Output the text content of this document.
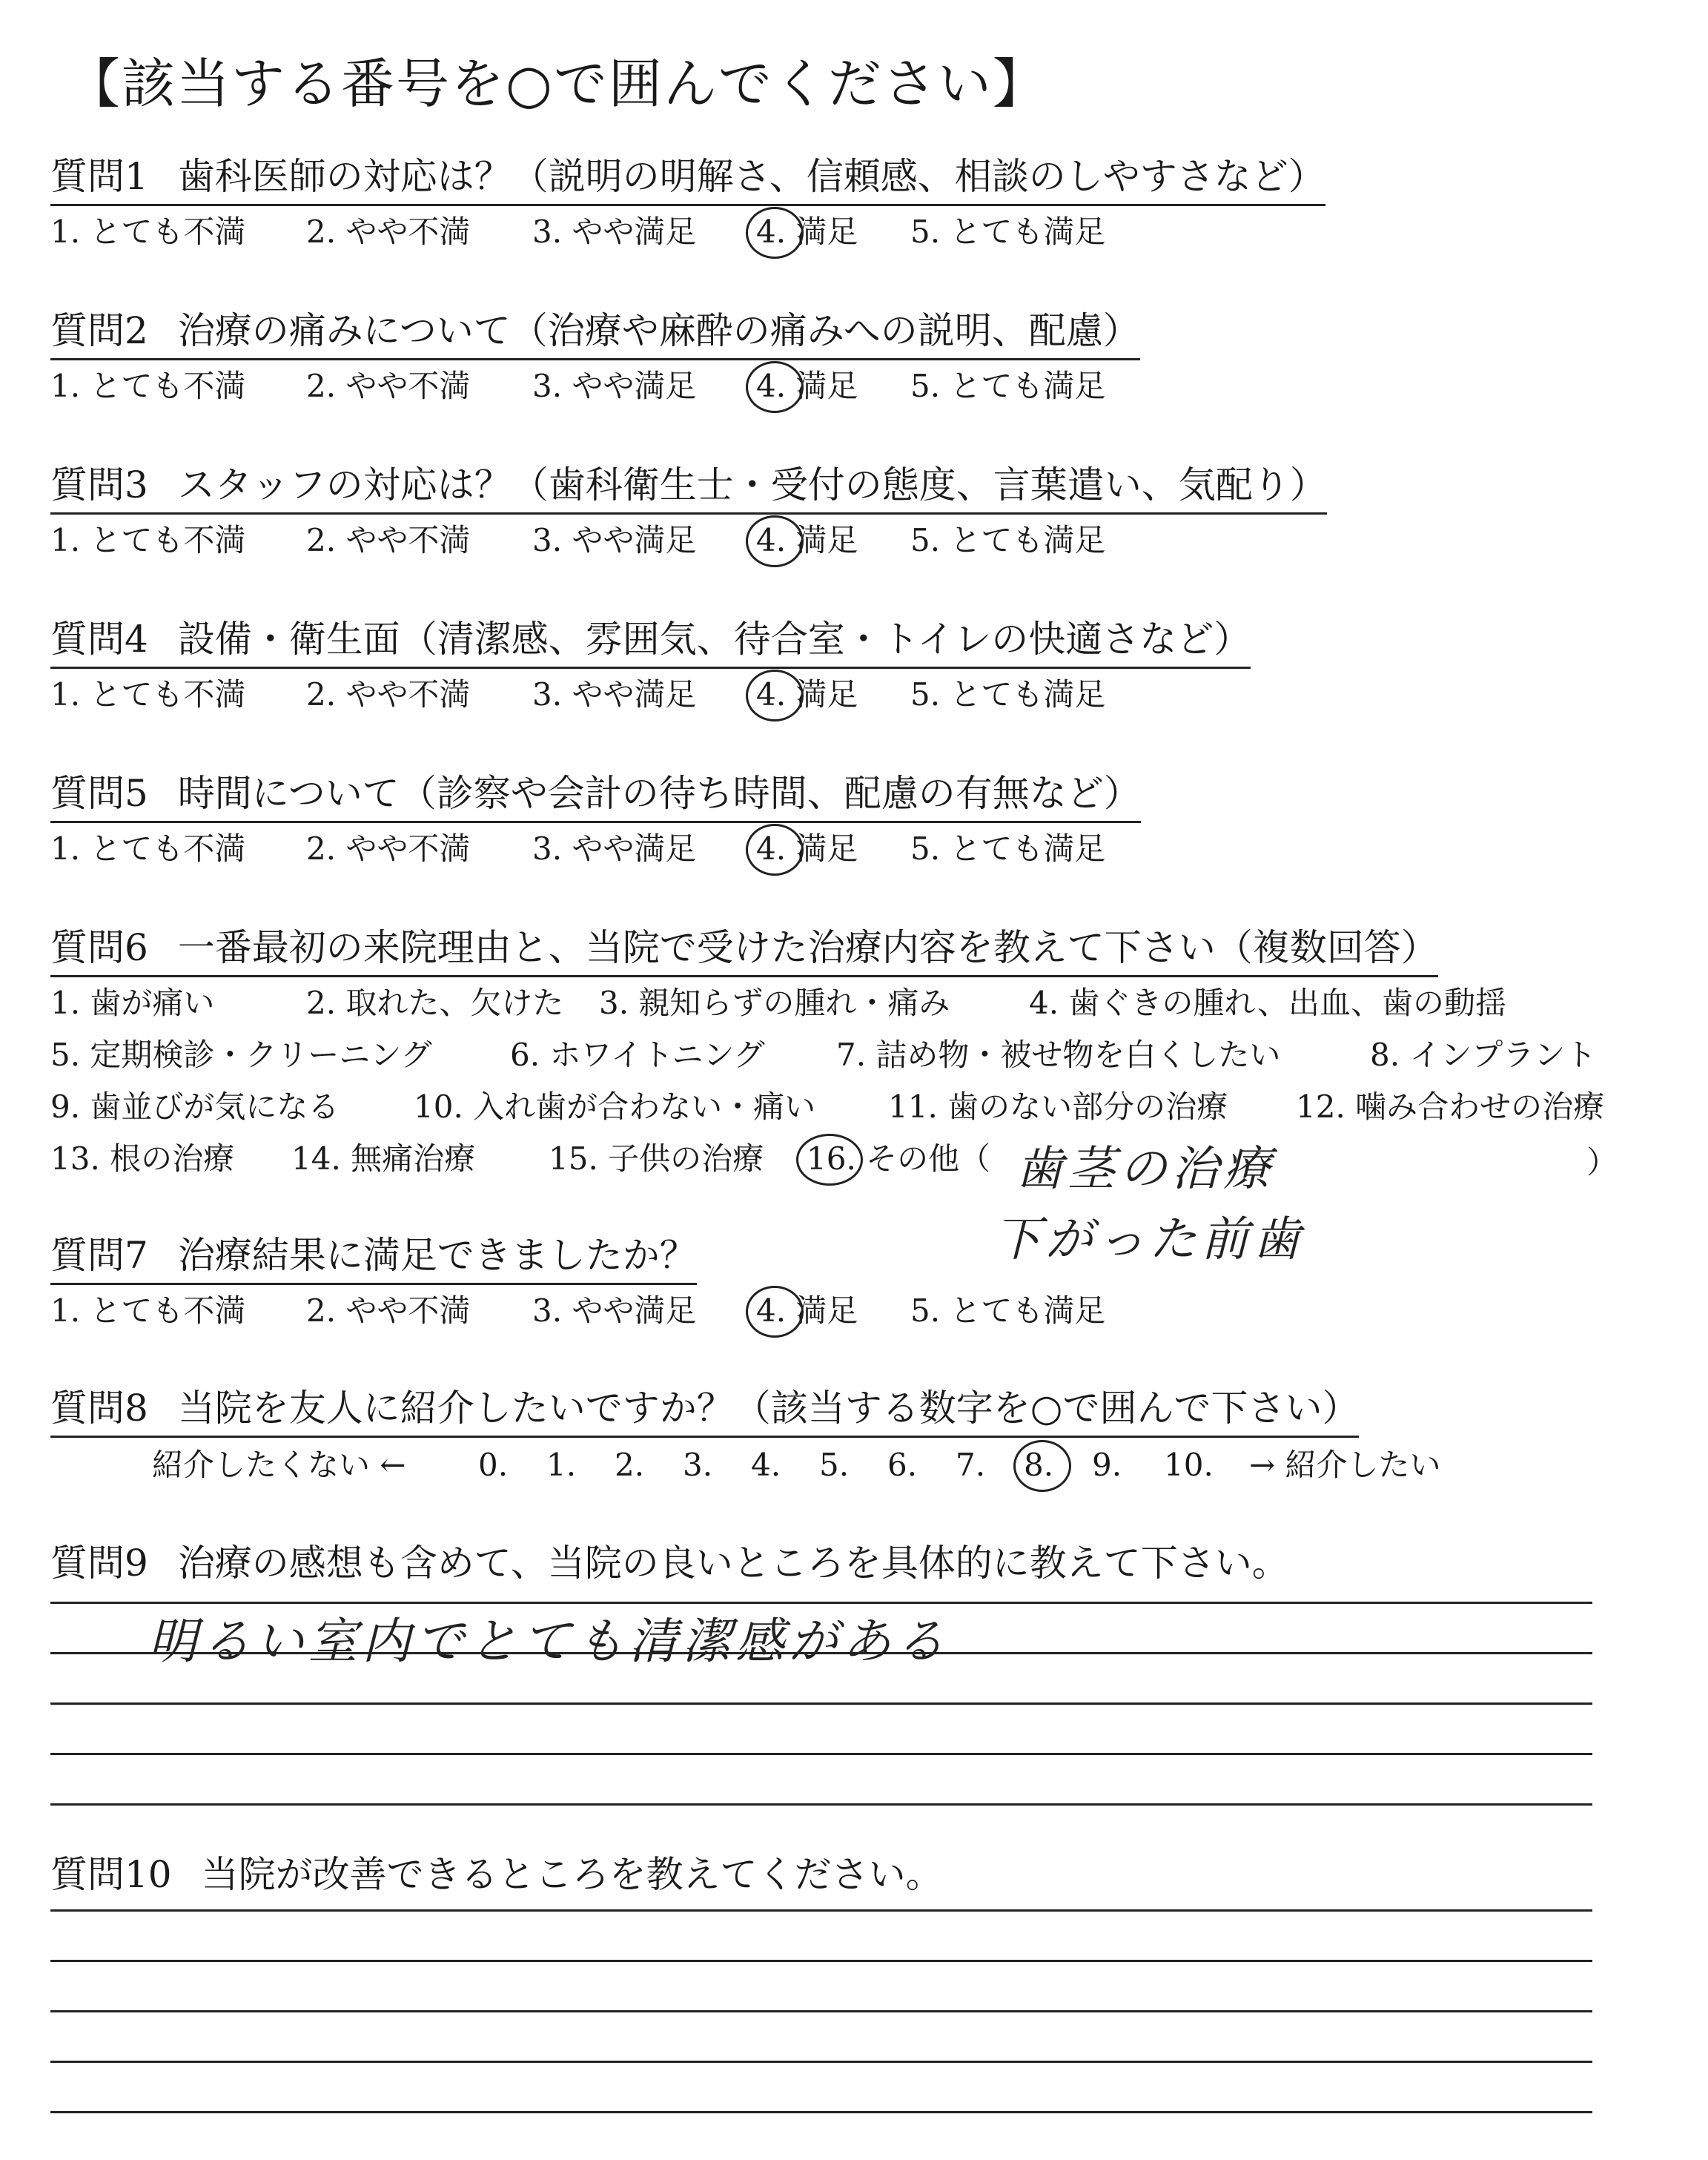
【該当する番号を○で囲んでください】
質問1 歯科医師の対応は？（説明の明解さ、信頼感、相談のしやすさなど）
1. とても不満 2. やや不満 3. やや満足 4. 満足 5. とても満足
質問2 治療の痛みについて（治療や麻酔の痛みへの説明、配慮）
1. とても不満 2. やや不満 3. やや満足 4. 満足 5. とても満足
質問3 スタッフの対応は？（歯科衛生士・受付の態度、言葉遣い、気配り）
1. とても不満 2. やや不満 3. やや満足 4. 満足 5. とても満足
質問4 設備・衛生面（清潔感、雰囲気、待合室・トイレの快適さなど）
1. とても不満 2. やや不満 3. やや満足 4. 満足 5. とても満足
質問5 時間について（診察や会計の待ち時間、配慮の有無など）
1. とても不満 2. やや不満 3. やや満足 4. 満足 5. とても満足
質問6 一番最初の来院理由と、当院で受けた治療内容を教えて下さい（複数回答）
1. 歯が痛い	2. 取れた、欠けた 3. 親知らずの腫れ・痛み	4. 歯ぐきの腫れ、出血、歯の動揺
5. 定期検診・クリーニング	6. ホワイトニング 7. 詰め物・被せ物を白くしたい	8. インプラント
9. 歯並びが気になる 10. 入れ歯が合わない・痛い 11. 歯のない部分の治療 12. 噛み合わせの治療
13. 根の治療 14. 無痛治療 15. 子供の治療 16. その他（	）
歯茎の治療
下がった前歯
質問7 治療結果に満足できましたか？
1. とても不満 2. やや不満 3. やや満足 4. 満足 5. とても満足
質問8 当院を友人に紹介したいですか？（該当する数字を○で囲んで下さい）
紹介したくない ← 0. 1. 2. 3. 4. 5. 6. 7. 8. 9. 10. → 紹介したい
質問9 治療の感想も含めて、当院の良いところを具体的に教えて下さい。
明るい室内でとても清潔感がある
質問10 当院が改善できるところを教えてください。
